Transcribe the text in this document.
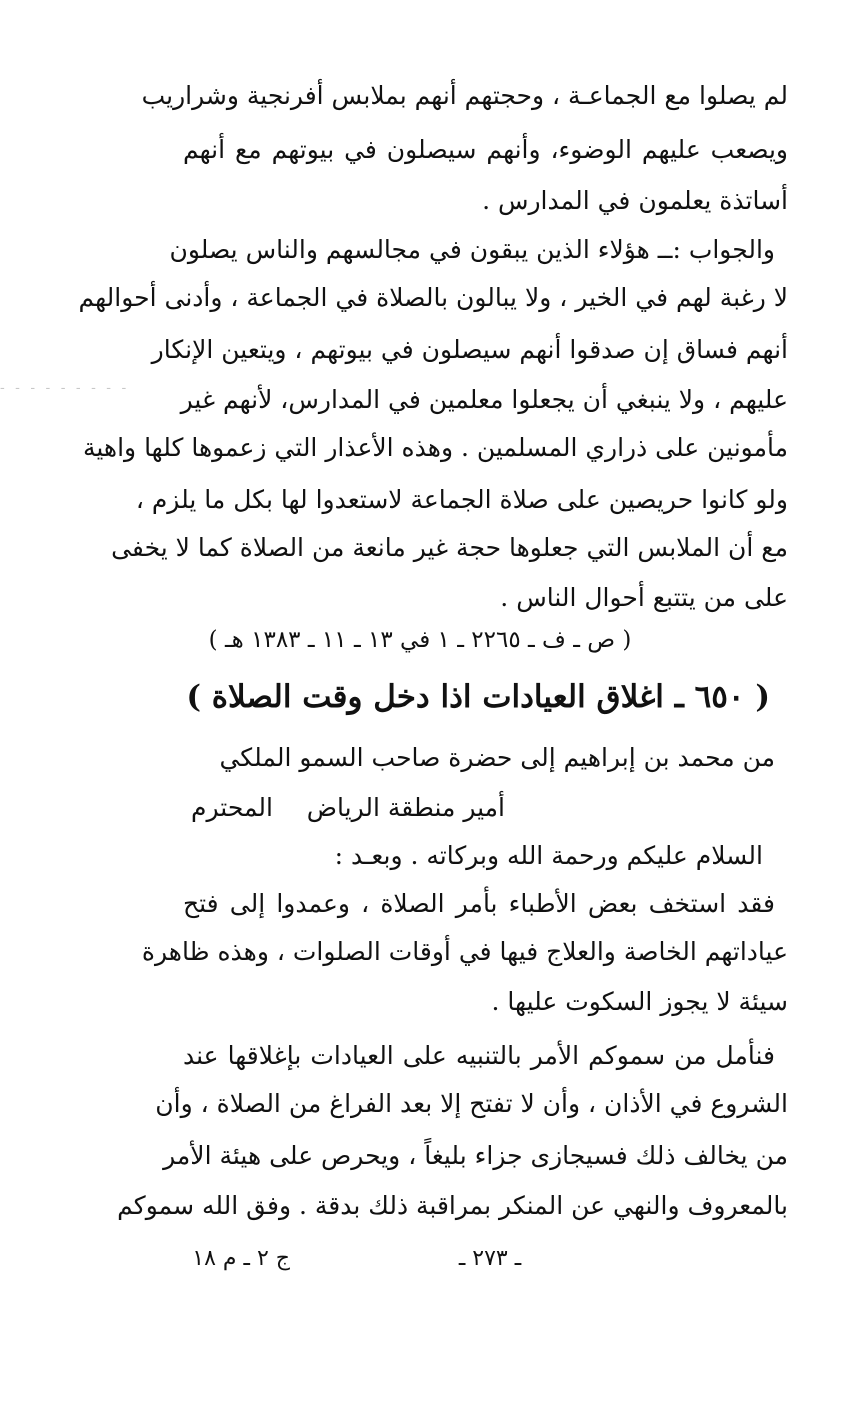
- - - - - - - - -
لم يصلوا مع الجماعـة ، وحجتهم أنهم بملابس أفرنجية وشراريب
ويصعب عليهم الوضوء، وأنهم سيصلون في بيوتهم مع أنهم
أساتذة يعلمون في المدارس .
والجواب :ــ هؤلاء الذين يبقون في مجالسهم والناس يصلون
لا رغبة لهم في الخير ، ولا يبالون بالصلاة في الجماعة ، وأدنى أحوالهم
أنهم فساق إن صدقوا أنهم سيصلون في بيوتهم ، ويتعين الإنكار
عليهم ، ولا ينبغي أن يجعلوا معلمين في المدارس، لأنهم غير
مأمونين على ذراري المسلمين . وهذه الأعذار التي زعموها كلها واهية
ولو كانوا حريصين على صلاة الجماعة لاستعدوا لها بكل ما يلزم ،
مع أن الملابس التي جعلوها حجة غير مانعة من الصلاة كما لا يخفى
على من يتتبع أحوال الناس .
( ص ـ ف ـ ٢٢٦٥ ـ ١ في ١٣ ـ ١١ ـ ١٣٨٣ هـ )
( ٦٥٠ ـ اغلاق العيادات اذا دخل وقت الصلاة )
من محمد بن إبراهيم إلى حضرة صاحب السمو الملكي
أمير منطقة الرياض
المحترم
السلام عليكم ورحمة الله وبركاته . وبعـد :
فقد استخف بعض الأطباء بأمر الصلاة ، وعمدوا إلى فتح
عياداتهم الخاصة والعلاج فيها في أوقات الصلوات ، وهذه ظاهرة
سيئة لا يجوز السكوت عليها .
فنأمل من سموكم الأمر بالتنبيه على العيادات بإغلاقها عند
الشروع في الأذان ، وأن لا تفتح إلا بعد الفراغ من الصلاة ، وأن
من يخالف ذلك فسيجازى جزاء بليغاً ، ويحرص على هيئة الأمر
بالمعروف والنهي عن المنكر بمراقبة ذلك بدقة . وفق الله سموكم
ـ ٢٧٣ ـ
ج ٢ ـ م ١٨
